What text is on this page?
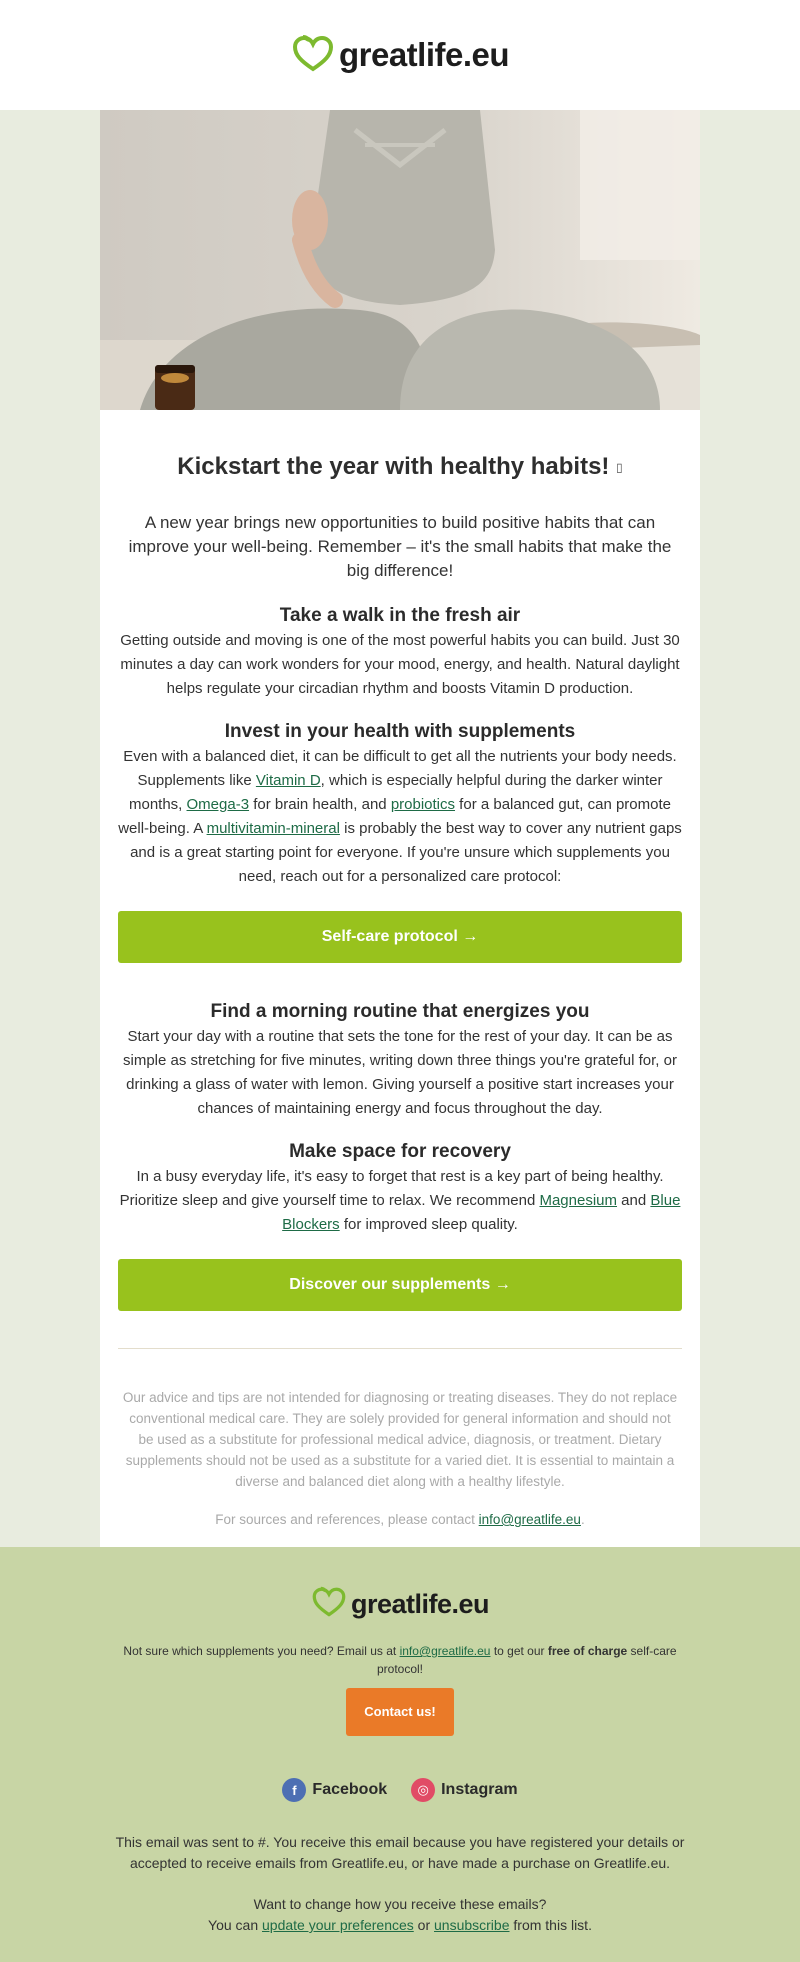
greatlife.eu
Kickstart the year with healthy habits! ▯

A new year brings new opportunities to build positive habits that can improve your well-being. Remember – it's the small habits that make the big difference!

Take a walk in the fresh air

Getting outside and moving is one of the most powerful habits you can build. Just 30 minutes a day can work wonders for your mood, energy, and health. Natural daylight helps regulate your circadian rhythm and boosts Vitamin D production.

Invest in your health with supplements

Even with a balanced diet, it can be difficult to get all the nutrients your body needs. Supplements like Vitamin D, which is especially helpful during the darker winter months, Omega-3 for brain health, and probiotics for a balanced gut, can promote well-being. A multivitamin-mineral is probably the best way to cover any nutrient gaps and is a great starting point for everyone. If you're unsure which supplements you need, reach out for a personalized care protocol:

Self-care protocol →
Find a morning routine that energizes you

Start your day with a routine that sets the tone for the rest of your day. It can be as simple as stretching for five minutes, writing down three things you're grateful for, or drinking a glass of water with lemon. Giving yourself a positive start increases your chances of maintaining energy and focus throughout the day.

Make space for recovery

In a busy everyday life, it's easy to forget that rest is a key part of being healthy. Prioritize sleep and give yourself time to relax. We recommend Magnesium and Blue Blockers for improved sleep quality.

Discover our supplements →

Our advice and tips are not intended for diagnosing or treating diseases. They do not replace conventional medical care. They are solely provided for general information and should not be used as a substitute for professional medical advice, diagnosis, or treatment. Dietary supplements should not be used as a substitute for a varied diet. It is essential to maintain a diverse and balanced diet along with a healthy lifestyle.

For sources and references, please contact info@greatlife.eu.

greatlife.eu

Not sure which supplements you need? Email us at info@greatlife.eu to get our free of charge self-care protocol!

Contact us!
f Facebook	◎ Instagram

This email was sent to #. You receive this email because you have registered your details or accepted to receive emails from Greatlife.eu, or have made a purchase on Greatlife.eu.

Want to change how you receive these emails?
You can update your preferences or unsubscribe from this list.
